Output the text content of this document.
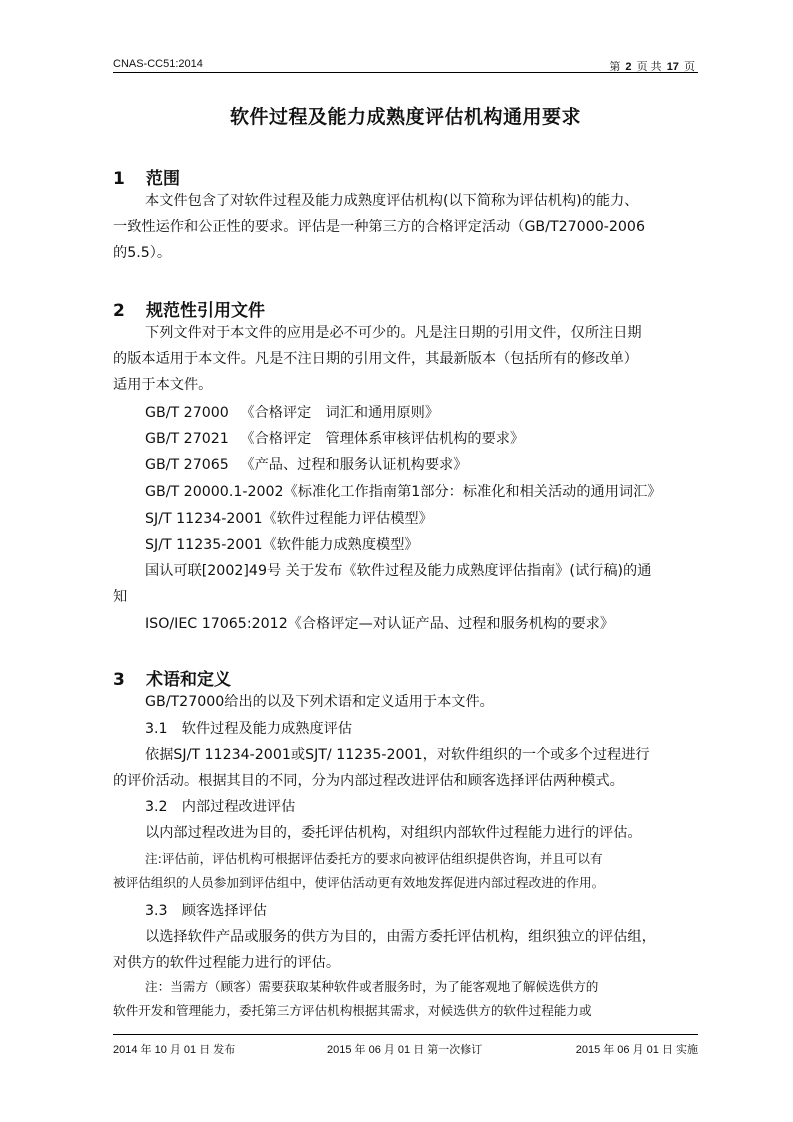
CNAS-CC51:2014	第 2 页 共 17 页
软件过程及能力成熟度评估机构通用要求
1 范围
本文件包含了对软件过程及能力成熟度评估机构(以下简称为评估机构)的能力、
一致性运作和公正性的要求。评估是一种第三方的合格评定活动（GB/T27000-2006
的5.5）。
2 规范性引用文件
下列文件对于本文件的应用是必不可少的。凡是注日期的引用文件，仅所注日期
的版本适用于本文件。凡是不注日期的引用文件，其最新版本（包括所有的修改单）
适用于本文件。
GB/T 27000 　《合格评定　词汇和通用原则》
GB/T 27021 　《合格评定　管理体系审核评估机构的要求》
GB/T 27065 　《产品、过程和服务认证机构要求》
GB/T 20000.1-2002《标准化工作指南第1部分：标准化和相关活动的通用词汇》
SJ/T 11234-2001《软件过程能力评估模型》
SJ/T 11235-2001《软件能力成熟度模型》
国认可联[2002]49号 关于发布《软件过程及能力成熟度评估指南》(试行稿)的通
知
ISO/IEC 17065:2012《合格评定—对认证产品、过程和服务机构的要求》
3 术语和定义
GB/T27000给出的以及下列术语和定义适用于本文件。
3.1　软件过程及能力成熟度评估
依据SJ/T 11234-2001或SJT/ 11235-2001，对软件组织的一个或多个过程进行
的评价活动。根据其目的不同，分为内部过程改进评估和顾客选择评估两种模式。
3.2　内部过程改进评估
以内部过程改进为目的，委托评估机构，对组织内部软件过程能力进行的评估。
注:评估前，评估机构可根据评估委托方的要求向被评估组织提供咨询，并且可以有
被评估组织的人员参加到评估组中，使评估活动更有效地发挥促进内部过程改进的作用。
3.3　顾客选择评估
以选择软件产品或服务的供方为目的，由需方委托评估机构，组织独立的评估组，
对供方的软件过程能力进行的评估。
注：当需方（顾客）需要获取某种软件或者服务时，为了能客观地了解候选供方的
软件开发和管理能力，委托第三方评估机构根据其需求，对候选供方的软件过程能力或
2014 年 10 月 01 日 发布	2015 年 06 月 01 日 第一次修订	2015 年 06 月 01 日 实施
